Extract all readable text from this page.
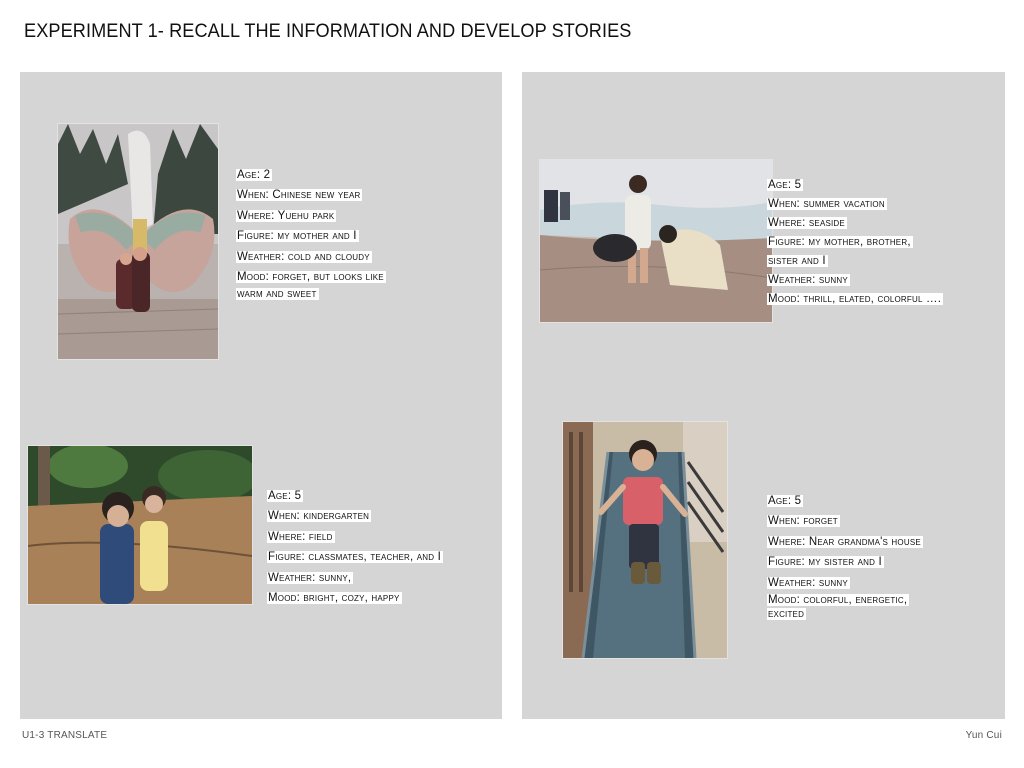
EXPERIMENT 1- RECALL THE INFORMATION AND DEVELOP STORIES
Age: 2
When: Chinese new year
Where: Yuehu park
Figure: my mother and I
Weather: cold and cloudy
Mood: forget, but looks like
warm and sweet
Age: 5
When: summer vacation
Where: seaside
Figure: my mother, brother,
sister and I
Weather: sunny
Mood: thrill, elated, colorful ….
Age: 5
When: kindergarten
Where: field
Figure: classmates, teacher, and I
Weather: sunny,
Mood: bright, cozy, happy
Age: 5
When: forget
Where: Near grandma's house
Figure: my sister and I
Weather: sunny
Mood: colorful, energetic,
excited
U1-3 TRANSLATE	Yun Cui
